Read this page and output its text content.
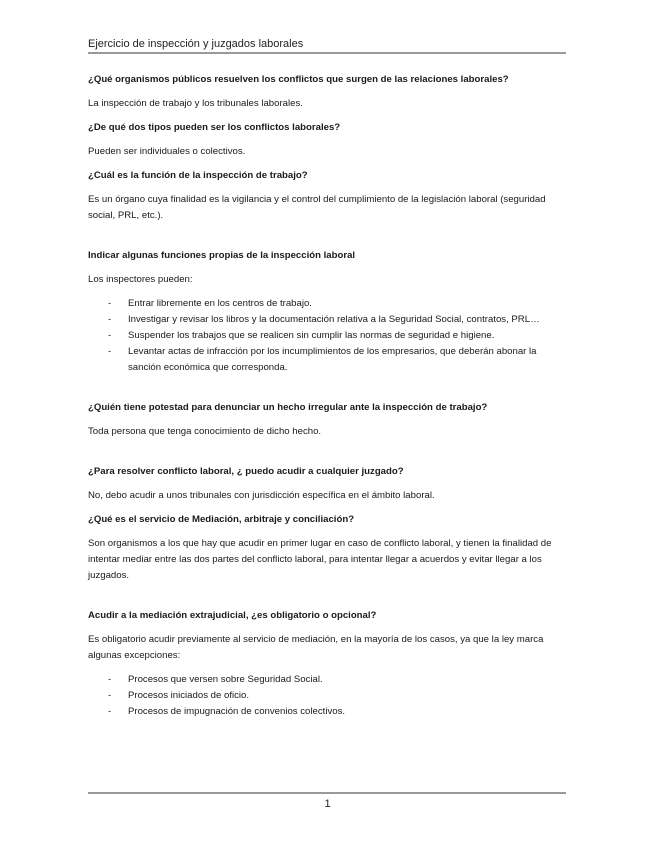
Ejercicio de inspección y juzgados laborales

¿Qué organismos públicos resuelven los conflictos que surgen de las relaciones laborales?

La inspección de trabajo y los tribunales laborales.

¿De qué dos tipos pueden ser los conflictos laborales?

Pueden ser individuales o colectivos.

¿Cuál es la función de la inspección de trabajo?

Es un órgano cuya finalidad es la vigilancia y el control del cumplimiento de la legislación laboral (seguridad social, PRL, etc.).

Indicar algunas funciones propias de la inspección laboral

Los inspectores pueden:

- Entrar libremente en los centros de trabajo.
- Investigar y revisar los libros y la documentación relativa a la Seguridad Social, contratos, PRL…
- Suspender los trabajos que se realicen sin cumplir las normas de seguridad e higiene.
- Levantar actas de infracción por los incumplimientos de los empresarios, que deberán abonar la sanción económica que corresponda.

¿Quién tiene potestad para denunciar un hecho irregular ante la inspección de trabajo?

Toda persona que tenga conocimiento de dicho hecho.

¿Para resolver conflicto laboral, ¿ puedo acudir a cualquier juzgado?

No, debo acudir a unos tribunales con jurisdicción específica en el ámbito laboral.

¿Qué es el servicio de Mediación, arbitraje y conciliación?

Son organismos a los que hay que acudir en primer lugar en caso de conflicto laboral, y tienen la finalidad de intentar mediar entre las dos partes del conflicto laboral, para intentar llegar a acuerdos y evitar llegar a los juzgados.

Acudir a la mediación extrajudicial, ¿es obligatorio o opcional?

Es obligatorio acudir previamente al servicio de mediación, en la mayoría de los casos, ya que la ley marca algunas excepciones:

- Procesos que versen sobre Seguridad Social.
- Procesos iniciados de oficio.
- Procesos de impugnación de convenios colectivos.
1
